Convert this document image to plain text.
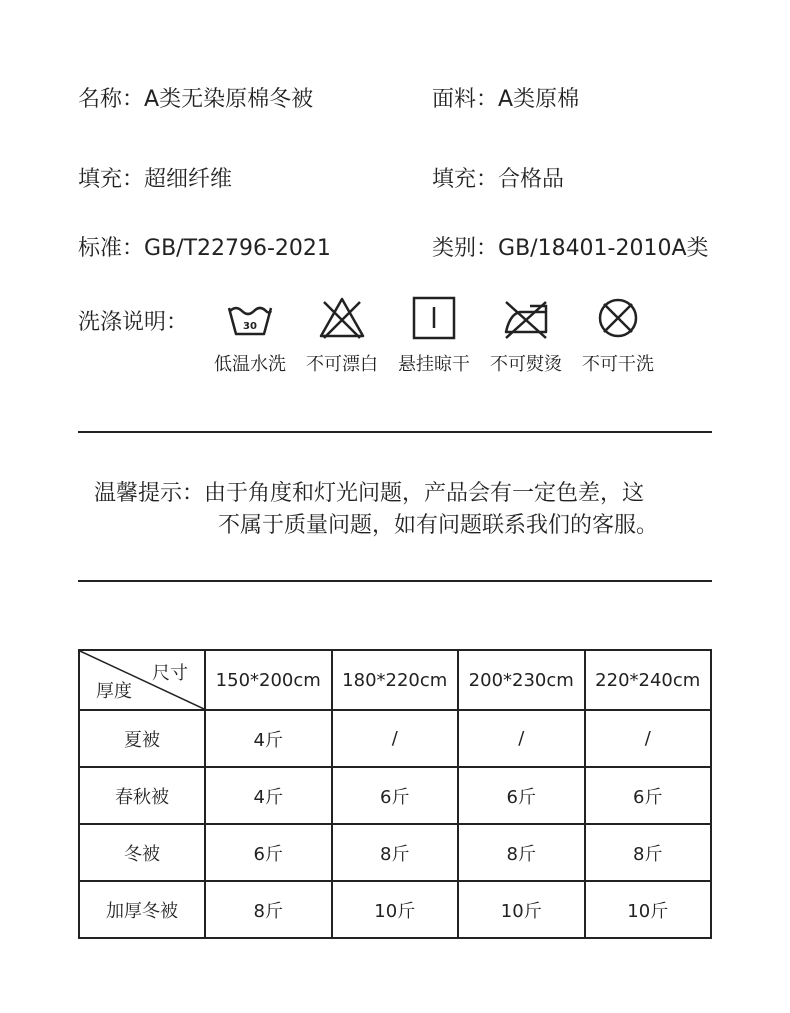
名称：A类无染原棉冬被	面料：A类原棉
填充：超细纤维	填充：合格品
标准：GB/T22796-2021	类别：GB/18401-2010A类
洗涤说明：	30
低温水洗	不可漂白	悬挂晾干	不可熨烫	不可干洗
温馨提示：由于角度和灯光问题，产品会有一定色差，这
不属于质量问题，如有问题联系我们的客服。
尺寸
厚度	150*200cm	180*220cm	200*230cm	220*240cm
夏被	4斤	/	/	/
春秋被	4斤	6斤	6斤	6斤
冬被	6斤	8斤	8斤	8斤
加厚冬被	8斤	10斤	10斤	10斤
